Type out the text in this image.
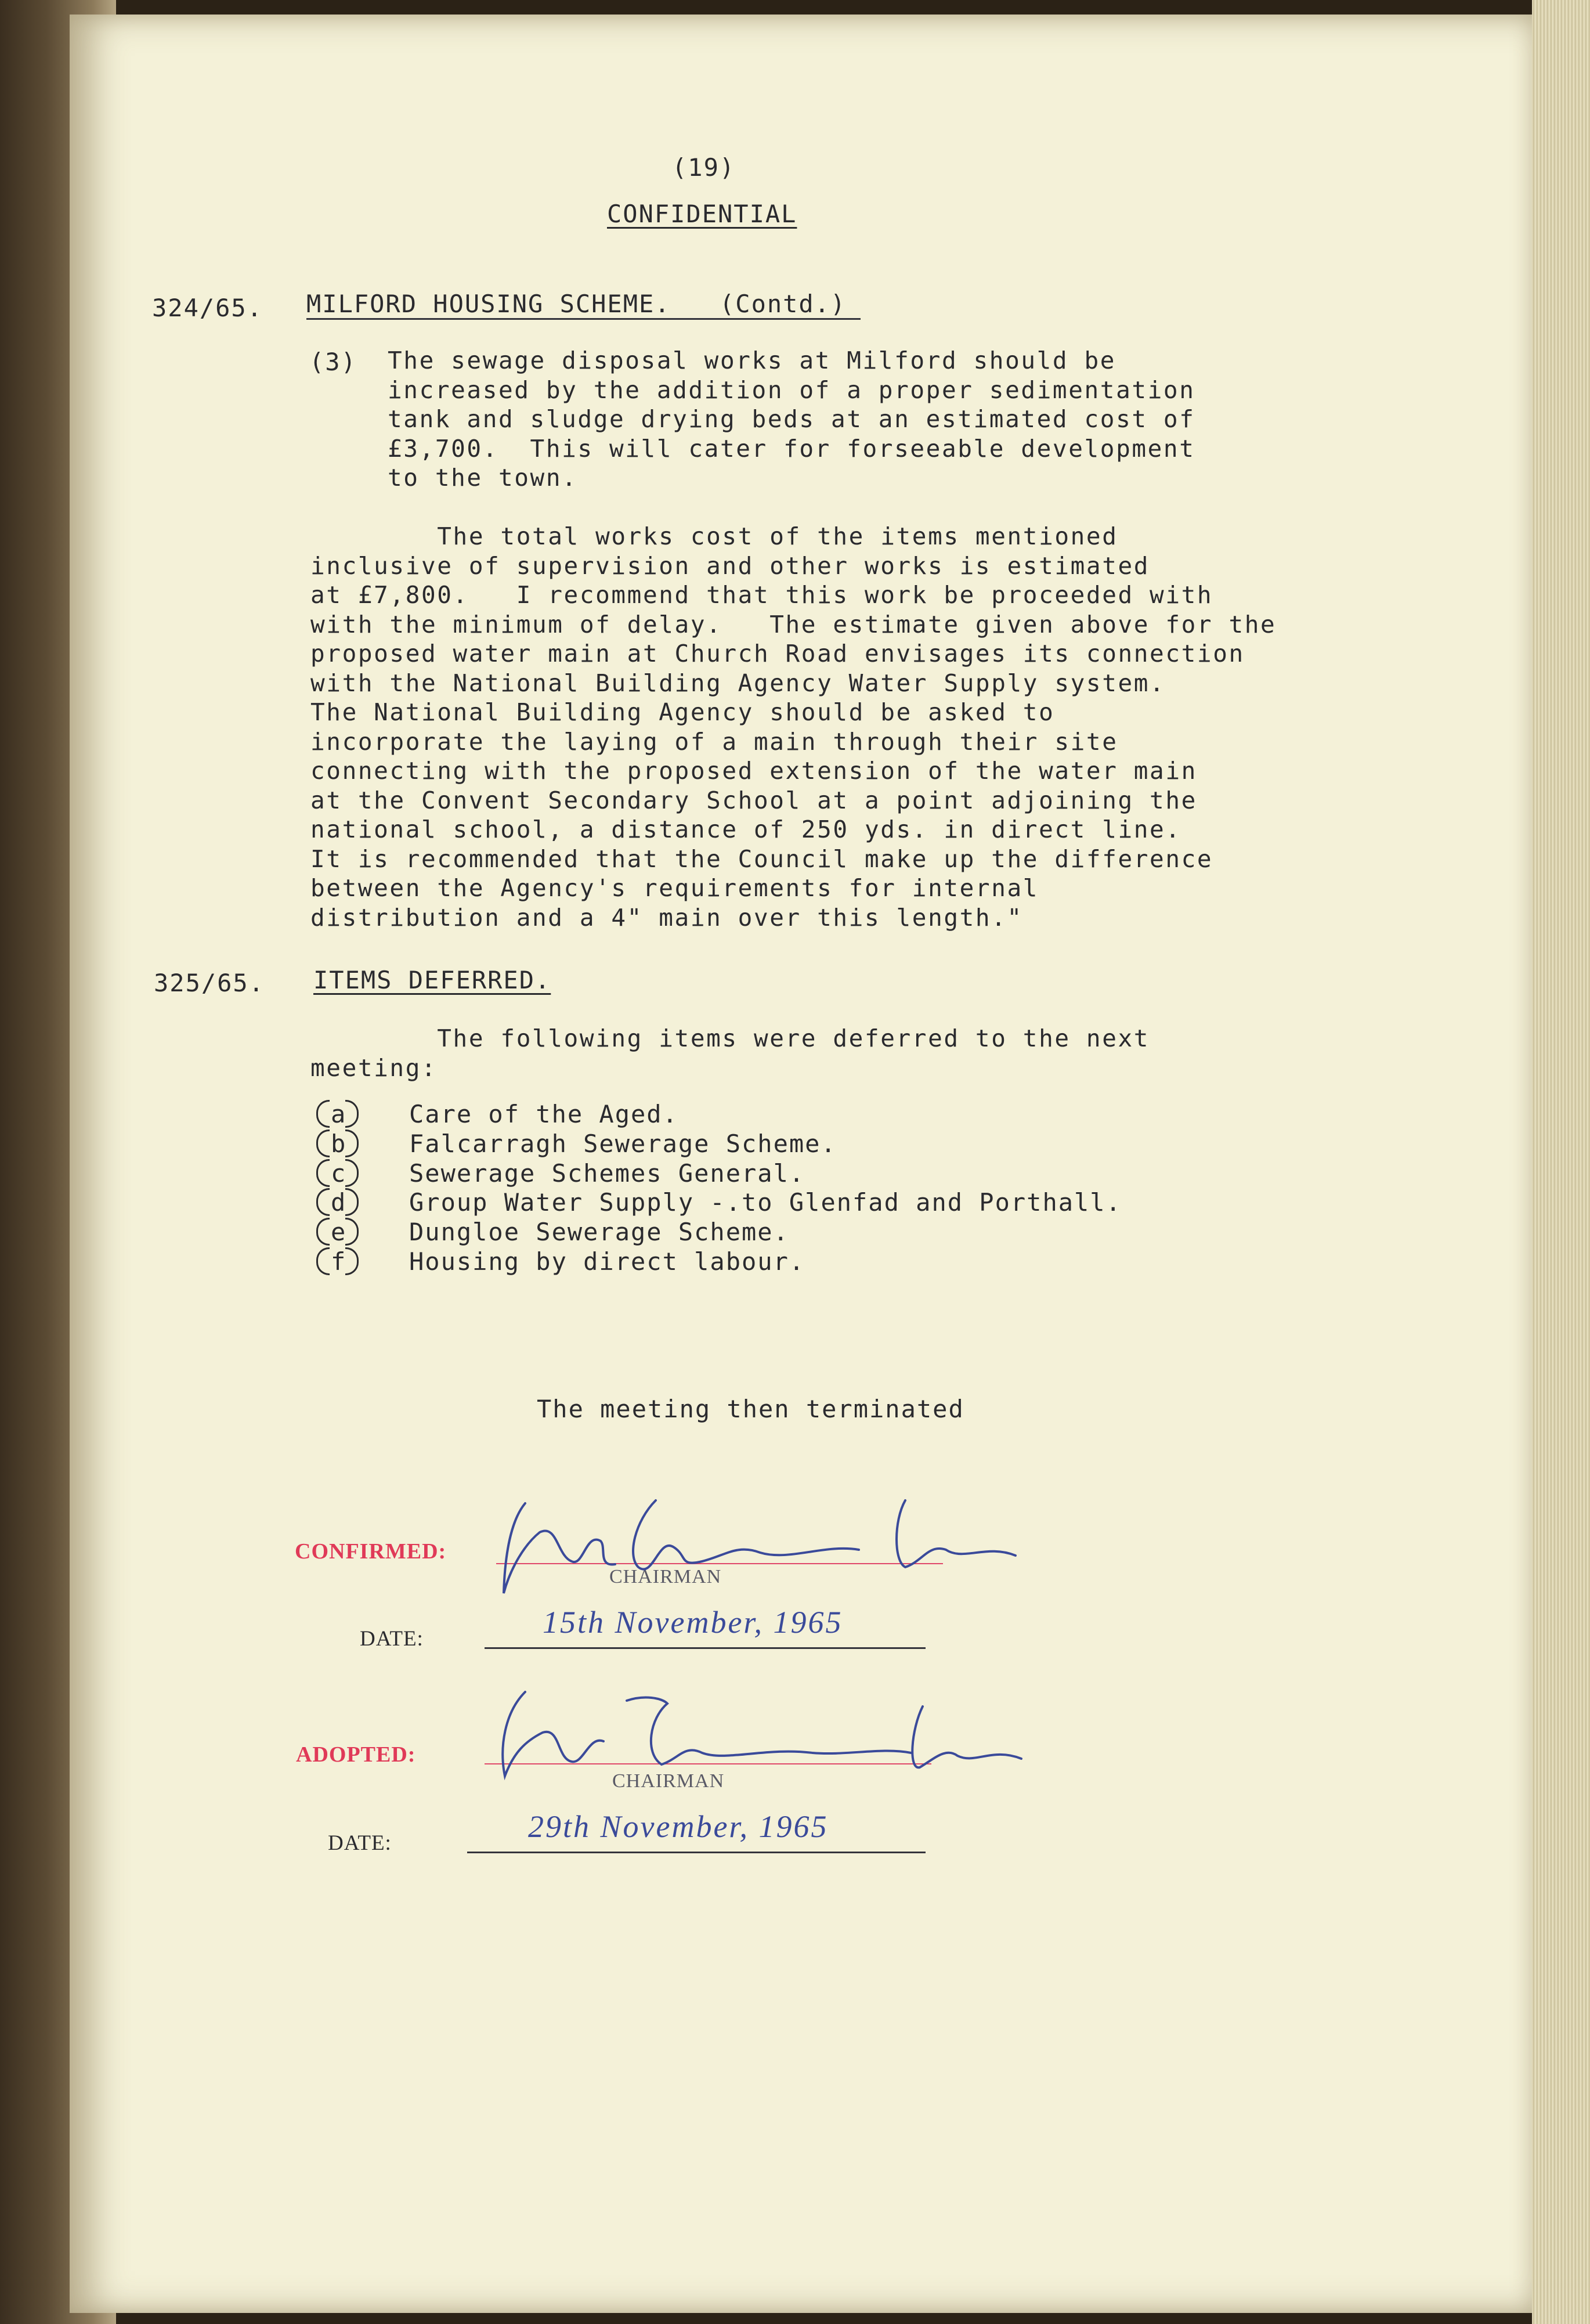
(19)
CONFIDENTIAL
324/65. MILFORD HOUSING SCHEME. (Contd.)
(3) The sewage disposal works at Milford should be
increased by the addition of a proper sedimentation
tank and sludge drying beds at an estimated cost of
£3,700.  This will cater for forseeable development
to the town.
The total works cost of the items mentioned
inclusive of supervision and other works is estimated
at £7,800.   I recommend that this work be proceeded with
with the minimum of delay.   The estimate given above for the
proposed water main at Church Road envisages its connection
with the National Building Agency Water Supply system.
The National Building Agency should be asked to
incorporate the laying of a main through their site
connecting with the proposed extension of the water main
at the Convent Secondary School at a point adjoining the
national school, a distance of 250 yds. in direct line.
It is recommended that the Council make up the difference
between the Agency's requirements for internal
distribution and a 4" main over this length."
325/65. ITEMS DEFERRED.
The following items were deferred to the next
meeting:
a	Care of the Aged.
b	Falcarragh Sewerage Scheme.
c	Sewerage Schemes General.
d	Group Water Supply -.to Glenfad and Porthall.
e	Dungloe Sewerage Scheme.
f	Housing by direct labour.
The meeting then terminated
CONFIRMED:
CHAIRMAN
DATE:	15th November, 1965
ADOPTED:
CHAIRMAN
DATE:	29th November, 1965
